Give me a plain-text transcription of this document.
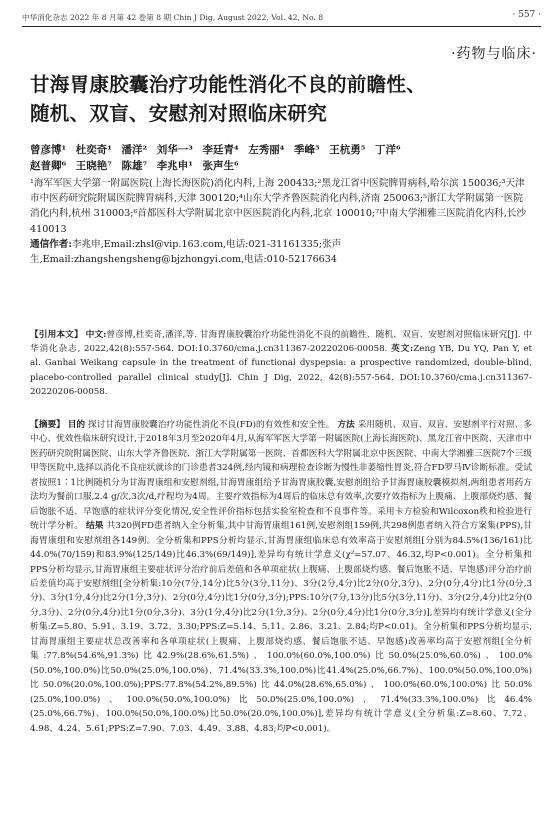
中华消化杂志 2022 年 8 月第 42 卷第 8 期 Chin J Dig, August 2022, Vol. 42, No. 8	· 557 ·
·药物与临床·
甘海胃康胶囊治疗功能性消化不良的前瞻性、
随机、双盲、安慰剂对照临床研究
曾彦博¹ 杜奕奇¹ 潘洋² 刘华一³ 李廷青⁴ 左秀丽⁴ 季峰⁵ 王杭勇⁵ 丁洋⁶
赵普卿⁶ 王晓艳⁷ 陈雄⁷ 李兆申¹ 张声生⁶
¹海军军医大学第一附属医院(上海长海医院)消化内科,上海 200433;²黑龙江省中医院脾胃病科,哈尔滨 150036;³天津市中医药研究院附属医院脾胃病科,天津 300120;⁴山东大学齐鲁医院消化内科,济南 250063;⁵浙江大学附属第一医院消化内科,杭州 310003;⁶首都医科大学附属北京中医医院消化内科,北京 100010;⁷中南大学湘雅三医院消化内科,长沙 410013
通信作者:李兆申,Email:zhsl@vip.163.com,电话:021-31161335;张声生,Email:zhangshengsheng@bjzhongyi.com,电话:010-52176634
【引用本文】 中文:曾彦博,杜奕奇,潘洋,等. 甘海胃康胶囊治疗功能性消化不良的前瞻性、随机、双盲、安慰剂对照临床研究[J]. 中华消化杂志, 2022,42(8):557-564. DOI:10.3760/cma.j.cn311367-20220206-00058. 英文:Zeng YB, Du YQ, Pan Y, et al. Ganhai Weikang capsule in the treatment of functional dyspepsia: a prospective randomized, double-blind, placebo-controlled parallel clinical study[J]. Chin J Dig, 2022, 42(8):557-564. DOI:10.3760/cma.j.cn311367-20220206-00058.
【摘要】 目的 探讨甘海胃康胶囊治疗功能性消化不良(FD)的有效性和安全性。 方法 采用随机、双盲、双盲、安慰剂平行对照、多中心、优效性临床研究设计,于2018年3月至2020年4月,从海军军医大学第一附属医院(上海长海医院)、黑龙江省中医院、天津市中医药研究院附属医院、山东大学齐鲁医院、浙江大学附属第一医院、首都医科大学附属北京中医医院、中南大学湘雅三医院7个三级甲等医院中,选择以消化不良症状就诊的门诊患者324例,经内镜和病理检查诊断为慢性非萎缩性胃炎,符合FD罗马Ⅳ诊断标准。受试者按照1∶1比例随机分为甘海胃康组和安慰剂组,甘海胃康组给予甘海胃康胶囊,安慰剂组给予甘海胃康胶囊模拟剂,两组患者用药方法均为餐前口服,2.4 g/次,3次/d,疗程均为4周。主要疗效指标为4周后的临床总有效率,次要疗效指标为上腹痛、上腹部烧灼感、餐后饱胀不适、早饱感的症状评分变化情况,安全性评价指标包括实验室检查和不良事件等。采用卡方检验和Wilcoxon秩和检验进行统计学分析。 结果 共320例FD患者纳入全分析集,其中甘海胃康组161例,安慰剂组159例,共298例患者纳入符合方案集(PPS),甘海胃康组和安慰剂组各149例。全分析集和PPS分析均显示,甘海胃康组临床总有效率高于安慰剂组[分别为84.5%(136/161)比44.0%(70/159)和83.9%(125/149)比46.3%(69/149)],差异均有统计学意义(χ²=57.07、46.32,均P<0.001)。全分析集和PPS分析均显示,甘海胃康组主要症状评分治疗前后差值和各单项症状(上腹痛、上腹部烧灼感、餐后饱胀不适、早饱感)评分治疗前后差值均高于安慰剂组[全分析集:10分(7分,14分)比5分(3分,11分)、3分(2分,4分)比2分(0分,3分)、2分(0分,4分)比1分(0分,3分)、3分(1分,4分)比2分(1分,3分)、2分(0分,4分)比1分(0分,3分);PPS:10分(7分,13分)比5分(3分,11分)、3分(2分,4分)比2分(0分,3分)、2分(0分,4分)比1分(0分,3分)、3分(1分,4分)比2分(1分,3分)、2分(0分,4分)比1分(0分,3分)],差异均有统计学意义(全分析集:Z=5.80、5.91、3.19、3.72、3.30;PPS:Z=5.14、5.11、2.86、3.21、2.84;均P<0.01)。全分析集和PPS分析均显示,甘海胃康组主要症状总改善率和各单项症状(上腹痛、上腹部烧灼感、餐后饱胀不适、早饱感)改善率均高于安慰剂组[全分析集:77.8%(54.6%,91.3%)比42.9%(28.6%,61.5%)、100.0%(60.0%,100.0%)比50.0%(25.0%,60.0%)、100.0%(50.0%,100.0%)比50.0%(25.0%,100.0%)、71.4%(33.3%,100.0%)比41.4%(25.0%,66.7%)、100.0%(50.0%,100.0%)比50.0%(20.0%,100.0%);PPS:77.8%(54.2%,89.5%)比44.0%(28.6%,65.0%)、100.0%(60.0%,100.0%)比50.0%(25.0%,100.0%)、100.0%(50.0%,100.0%)比50.0%(25.0%,100.0%)、71.4%(33.3%,100.0%)比46.4%(25.0%,66.7%)、100.0%(50.0%,100.0%)比50.0%(20.0%,100.0%)],差异均有统计学意义(全分析集:Z=8.60、7.72、4.98、4.24、5.61;PPS:Z=7.90、7.03、4.49、3.88、4.83;均P<0.001)。
